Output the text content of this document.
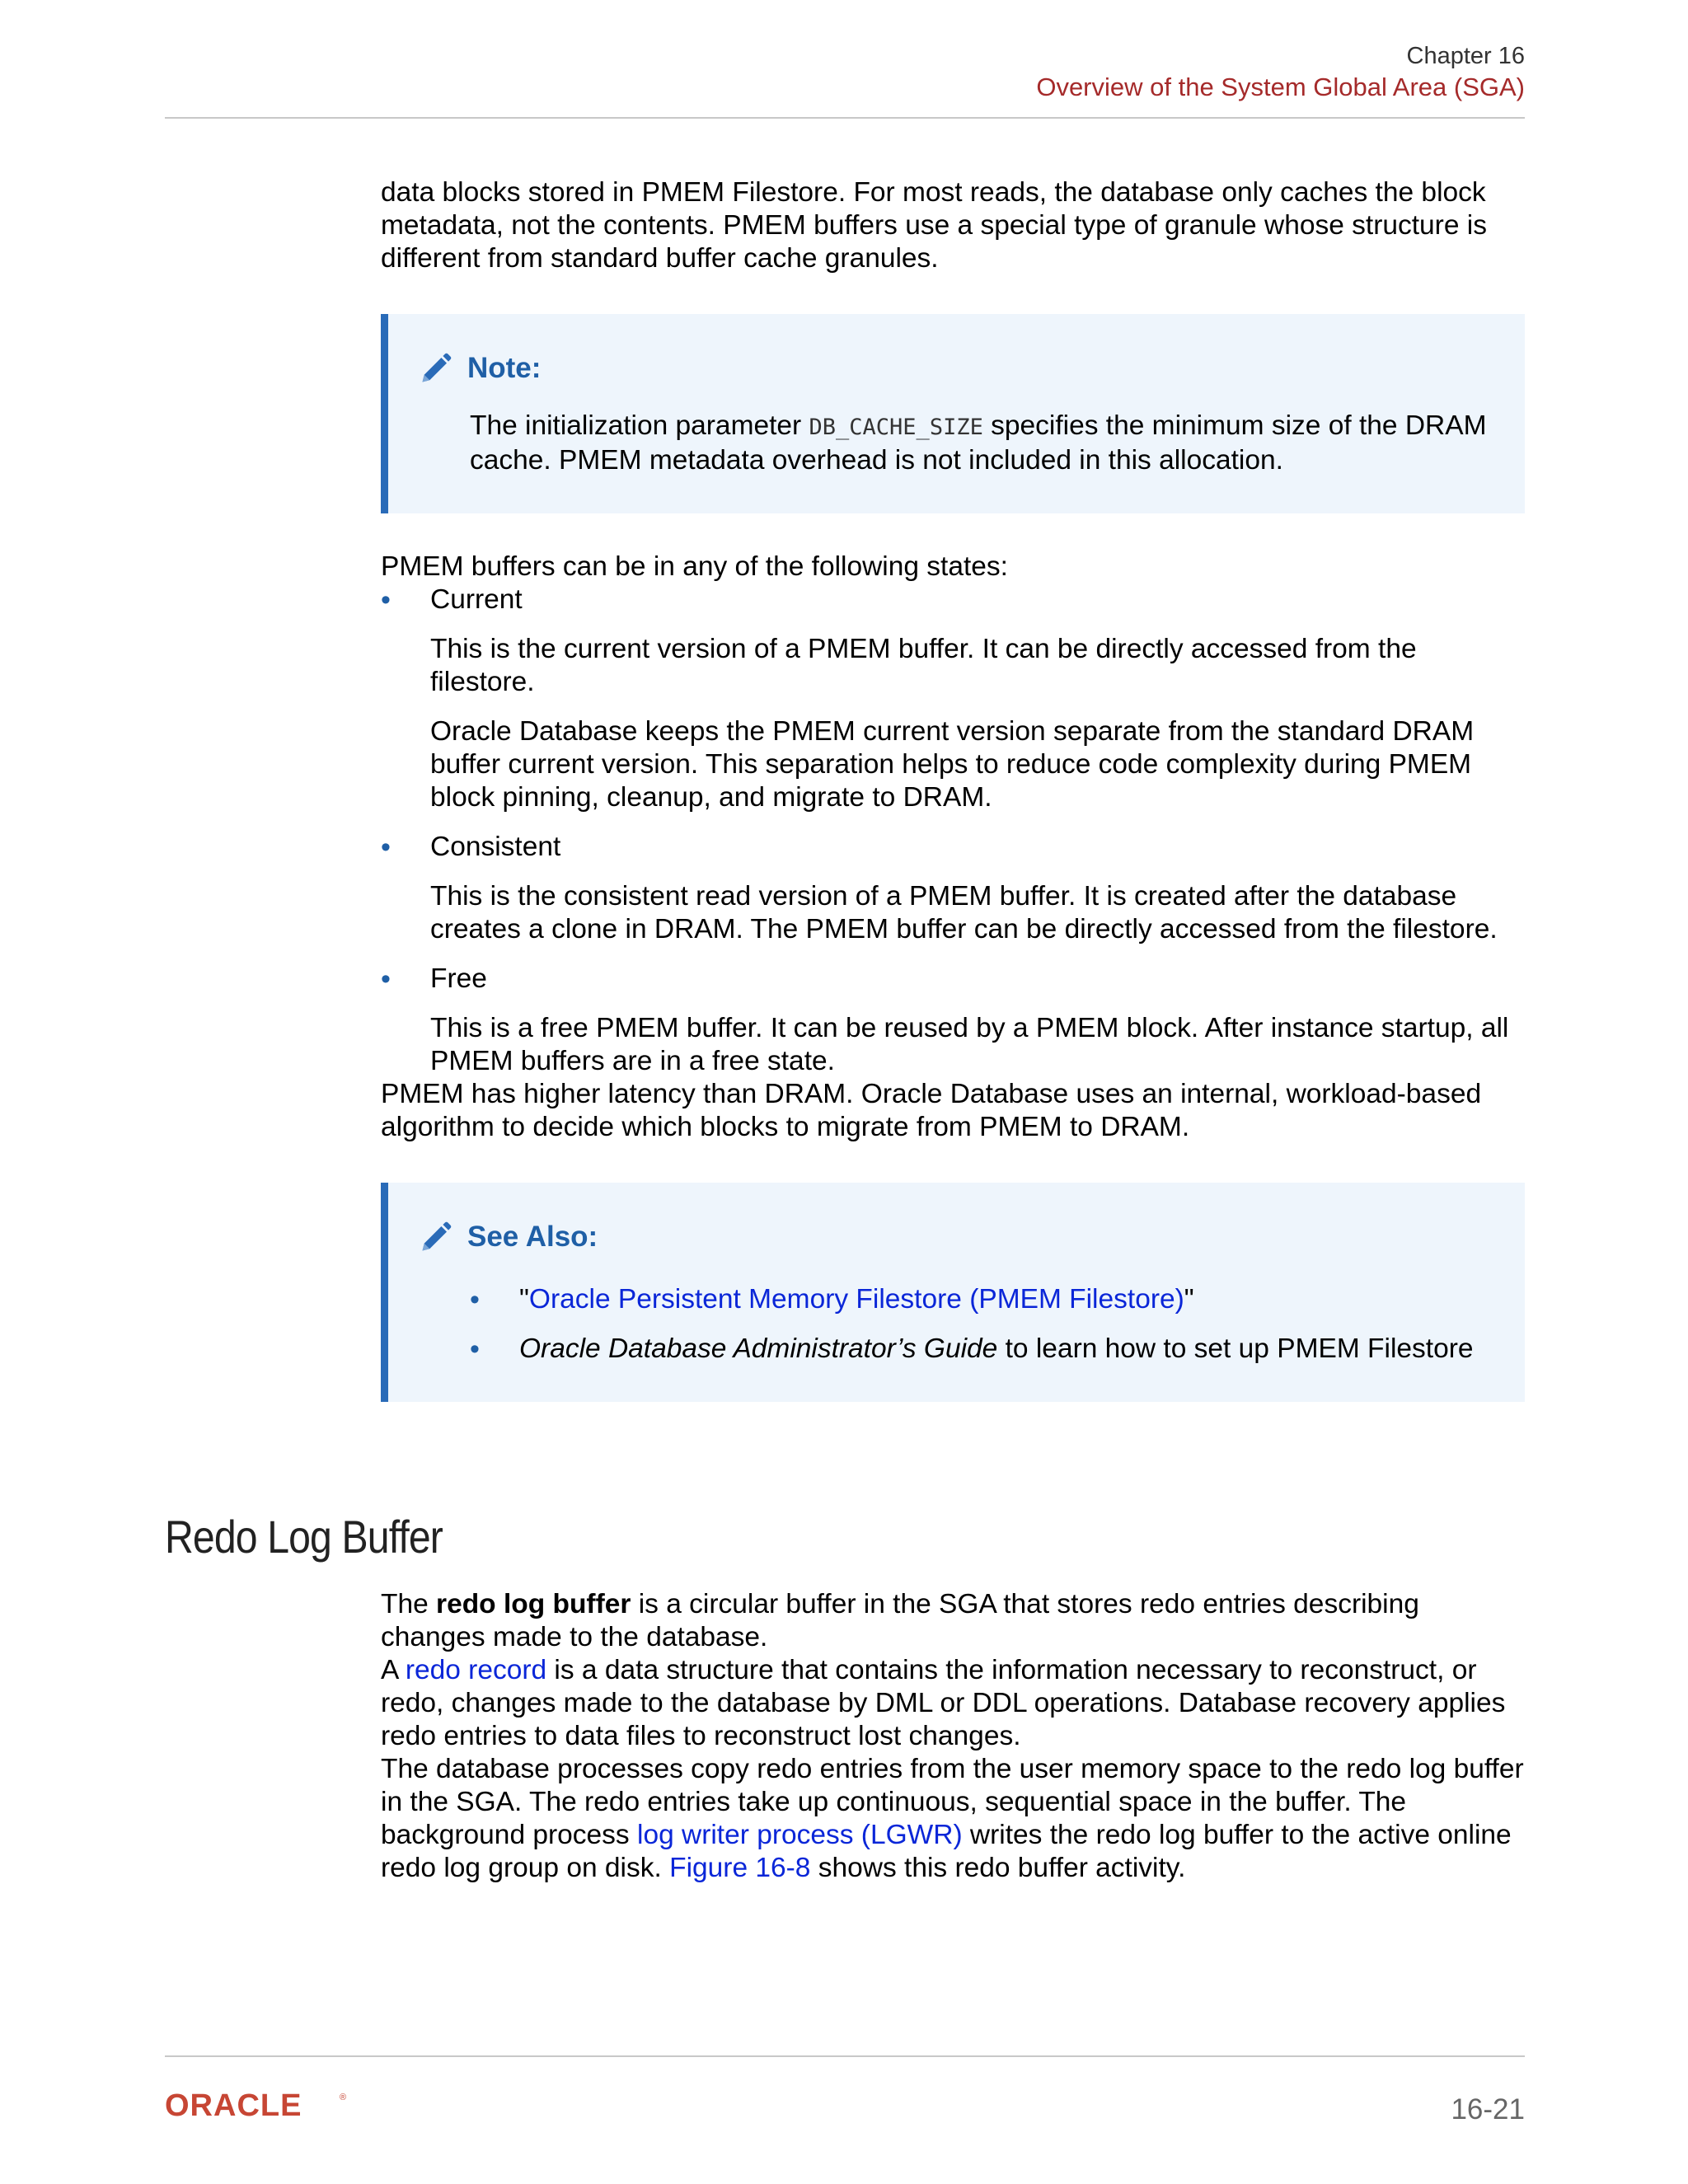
Chapter 16
Overview of the System Global Area (SGA)

data blocks stored in PMEM Filestore. For most reads, the database only caches the block metadata, not the contents. PMEM buffers use a special type of granule whose structure is different from standard buffer cache granules.

Note:
The initialization parameter DB_CACHE_SIZE specifies the minimum size of the DRAM cache. PMEM metadata overhead is not included in this allocation.

PMEM buffers can be in any of the following states:

• Current

This is the current version of a PMEM buffer. It can be directly accessed from the filestore.

Oracle Database keeps the PMEM current version separate from the standard DRAM buffer current version. This separation helps to reduce code complexity during PMEM block pinning, cleanup, and migrate to DRAM.

• Consistent

This is the consistent read version of a PMEM buffer. It is created after the database creates a clone in DRAM. The PMEM buffer can be directly accessed from the filestore.

• Free

This is a free PMEM buffer. It can be reused by a PMEM block. After instance startup, all PMEM buffers are in a free state.

PMEM has higher latency than DRAM. Oracle Database uses an internal, workload-based algorithm to decide which blocks to migrate from PMEM to DRAM.

See Also:
• "Oracle Persistent Memory Filestore (PMEM Filestore)"
• Oracle Database Administrator’s Guide to learn how to set up PMEM Filestore
Redo Log Buffer

The redo log buffer is a circular buffer in the SGA that stores redo entries describing changes made to the database.

A redo record is a data structure that contains the information necessary to reconstruct, or redo, changes made to the database by DML or DDL operations. Database recovery applies redo entries to data files to reconstruct lost changes.

The database processes copy redo entries from the user memory space to the redo log buffer in the SGA. The redo entries take up continuous, sequential space in the buffer. The background process log writer process (LGWR) writes the redo log buffer to the active online redo log group on disk. Figure 16-8 shows this redo buffer activity.

ORACLE	®	16-21
